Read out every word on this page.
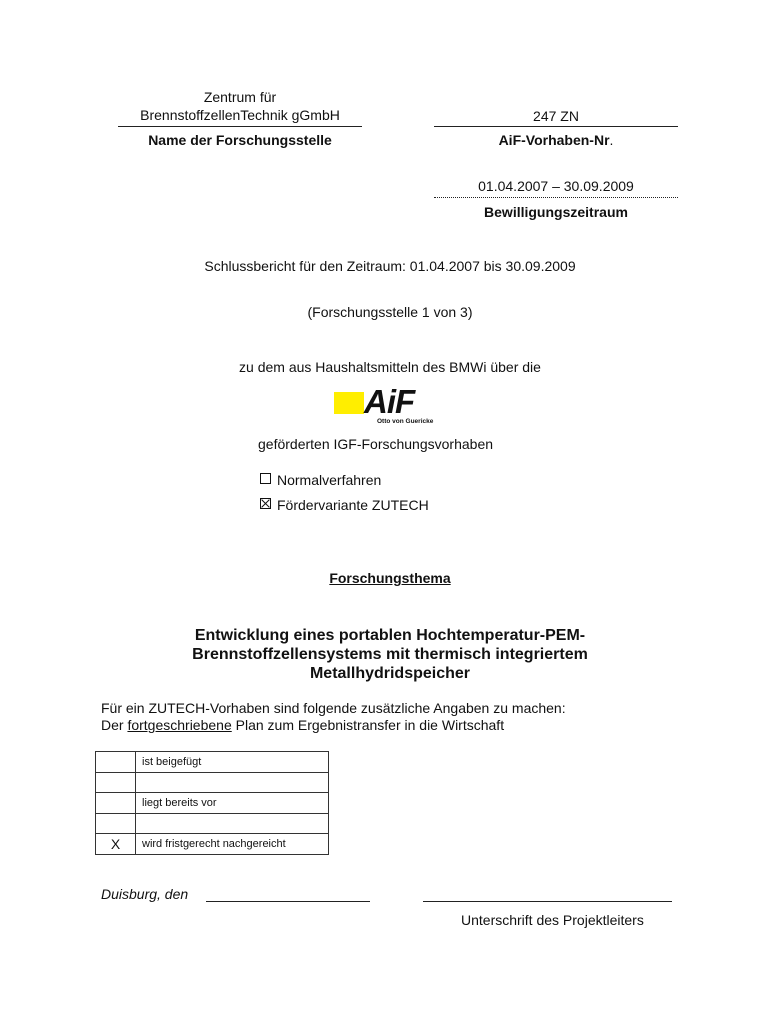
Zentrum für
BrennstoffzellenTechnik gGmbH
Name der Forschungsstelle
247 ZN
AiF-Vorhaben-Nr.
01.04.2007 – 30.09.2009
Bewilligungszeitraum
Schlussbericht für den Zeitraum: 01.04.2007 bis 30.09.2009
(Forschungsstelle 1 von 3)
zu dem aus Haushaltsmitteln des BMWi über die
AiF
Otto von Guericke
geförderten IGF-Forschungsvorhaben
Normalverfahren
Fördervariante ZUTECH
Forschungsthema
Entwicklung eines portablen Hochtemperatur-PEM-
Brennstoffzellensystems mit thermisch integriertem
Metallhydridspeicher
Für ein ZUTECH-Vorhaben sind folgende zusätzliche Angaben zu machen:
Der fortgeschriebene Plan zum Ergebnistransfer in die Wirtschaft
	ist beigefügt

	liegt bereits vor

X	wird fristgerecht nachgereicht
Duisburg, den
Unterschrift des Projektleiters
